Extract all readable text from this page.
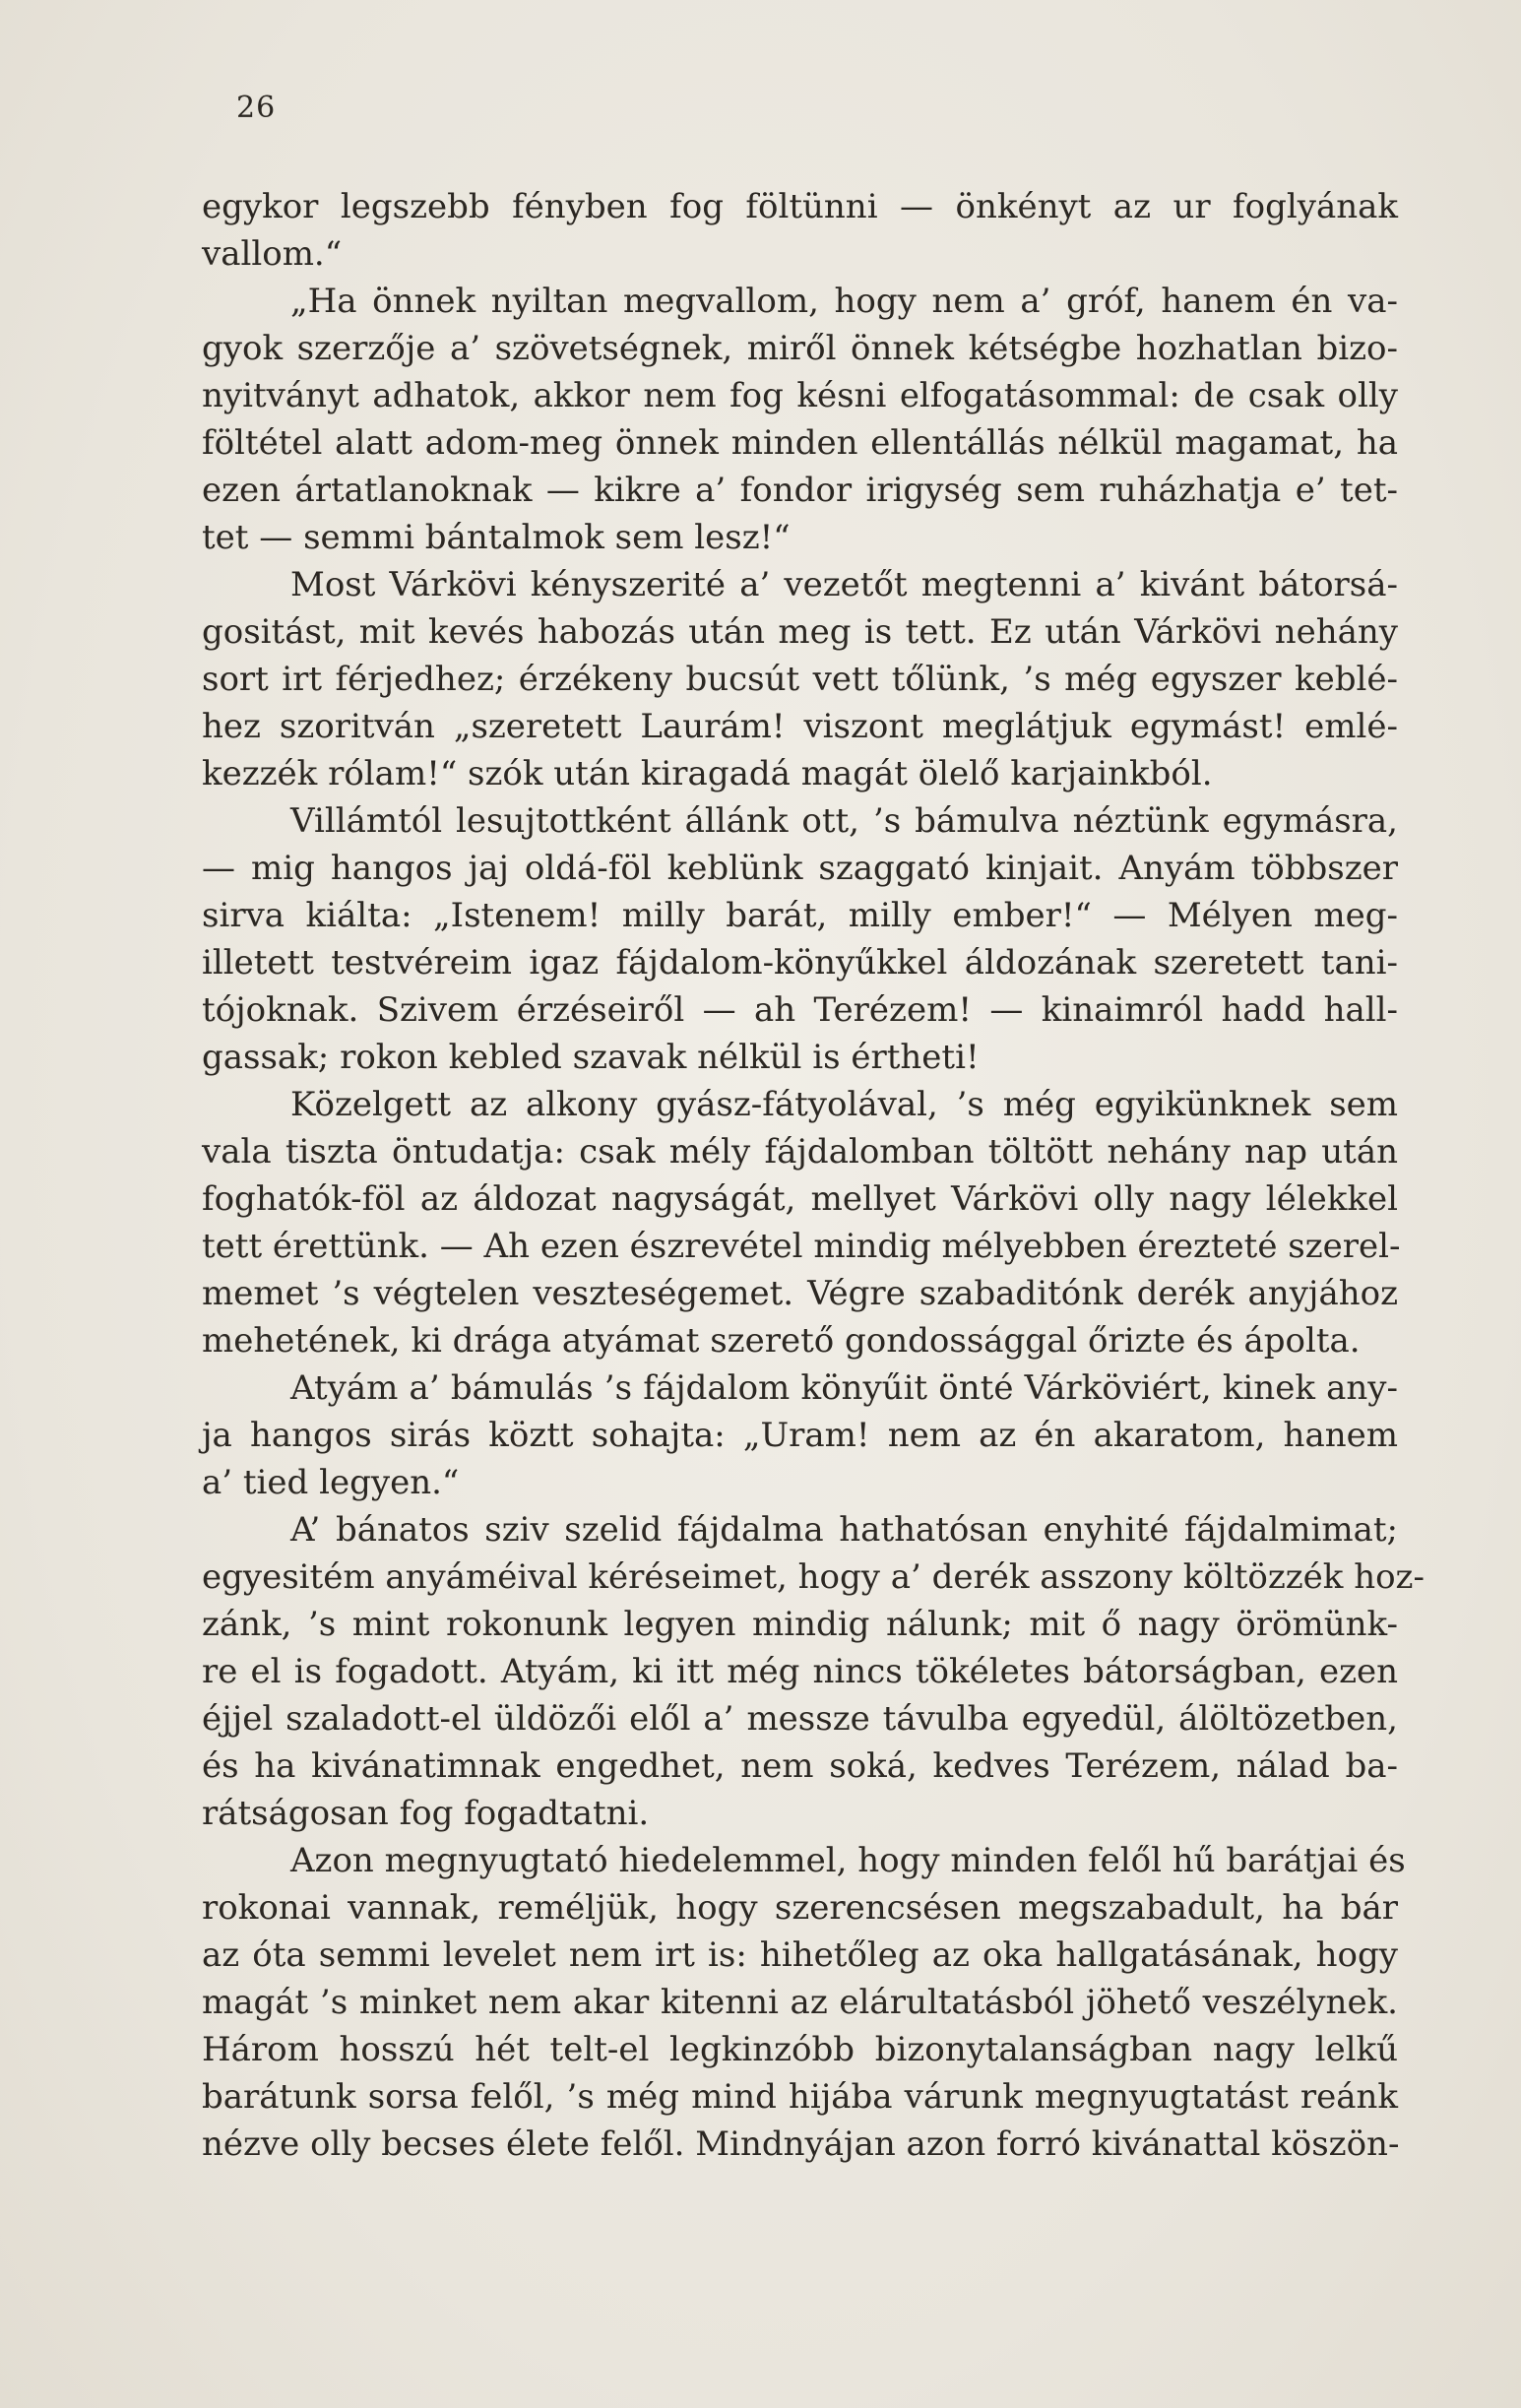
26
egykor legszebb fényben fog föltünni — önkényt az ur foglyának
vallom.“
„Ha önnek nyiltan megvallom, hogy nem a’ gróf, hanem én va-
gyok szerzője a’ szövetségnek, miről önnek kétségbe hozhatlan bizo-
nyitványt adhatok, akkor nem fog késni elfogatásommal: de csak olly
föltétel alatt adom-meg önnek minden ellentállás nélkül magamat, ha
ezen ártatlanoknak — kikre a’ fondor irigység sem ruházhatja e’ tet-
tet — semmi bántalmok sem lesz!“
Most Várkövi kényszerité a’ vezetőt megtenni a’ kivánt bátorsá-
gositást, mit kevés habozás után meg is tett. Ez után Várkövi nehány
sort irt férjedhez; érzékeny bucsút vett tőlünk, ’s még egyszer keblé-
hez szoritván „szeretett Laurám! viszont meglátjuk egymást! emlé-
kezzék rólam!“ szók után kiragadá magát ölelő karjainkból.
Villámtól lesujtottként állánk ott, ’s bámulva néztünk egymásra,
— mig hangos jaj oldá-föl keblünk szaggató kinjait. Anyám többszer
sirva kiálta: „Istenem! milly barát, milly ember!“ — Mélyen meg-
illetett testvéreim igaz fájdalom-könyűkkel áldozának szeretett tani-
tójoknak. Szivem érzéseiről — ah Terézem! — kinaimról hadd hall-
gassak; rokon kebled szavak nélkül is értheti!
Közelgett az alkony gyász-fátyolával, ’s még egyikünknek sem
vala tiszta öntudatja: csak mély fájdalomban töltött nehány nap után
foghatók-föl az áldozat nagyságát, mellyet Várkövi olly nagy lélekkel
tett érettünk. — Ah ezen észrevétel mindig mélyebben érezteté szerel-
memet ’s végtelen veszteségemet. Végre szabaditónk derék anyjához
mehetének, ki drága atyámat szerető gondossággal őrizte és ápolta.
Atyám a’ bámulás ’s fájdalom könyűit önté Várköviért, kinek any-
ja hangos sirás köztt sohajta: „Uram! nem az én akaratom, hanem
a’ tied legyen.“
A’ bánatos sziv szelid fájdalma hathatósan enyhité fájdalmimat;
egyesitém anyáméival kéréseimet, hogy a’ derék asszony költözzék hoz-
zánk, ’s mint rokonunk legyen mindig nálunk; mit ő nagy örömünk-
re el is fogadott. Atyám, ki itt még nincs tökéletes bátorságban, ezen
éjjel szaladott-el üldözői elől a’ messze távulba egyedül, álöltözetben,
és ha kivánatimnak engedhet, nem soká, kedves Terézem, nálad ba-
rátságosan fog fogadtatni.
Azon megnyugtató hiedelemmel, hogy minden felől hű barátjai és
rokonai vannak, reméljük, hogy szerencsésen megszabadult, ha bár
az óta semmi levelet nem irt is: hihetőleg az oka hallgatásának, hogy
magát ’s minket nem akar kitenni az elárultatásból jöhető veszélynek.
Három hosszú hét telt-el legkinzóbb bizonytalanságban nagy lelkű
barátunk sorsa felől, ’s még mind hijába várunk megnyugtatást reánk
nézve olly becses élete felől. Mindnyájan azon forró kivánattal köszön-
